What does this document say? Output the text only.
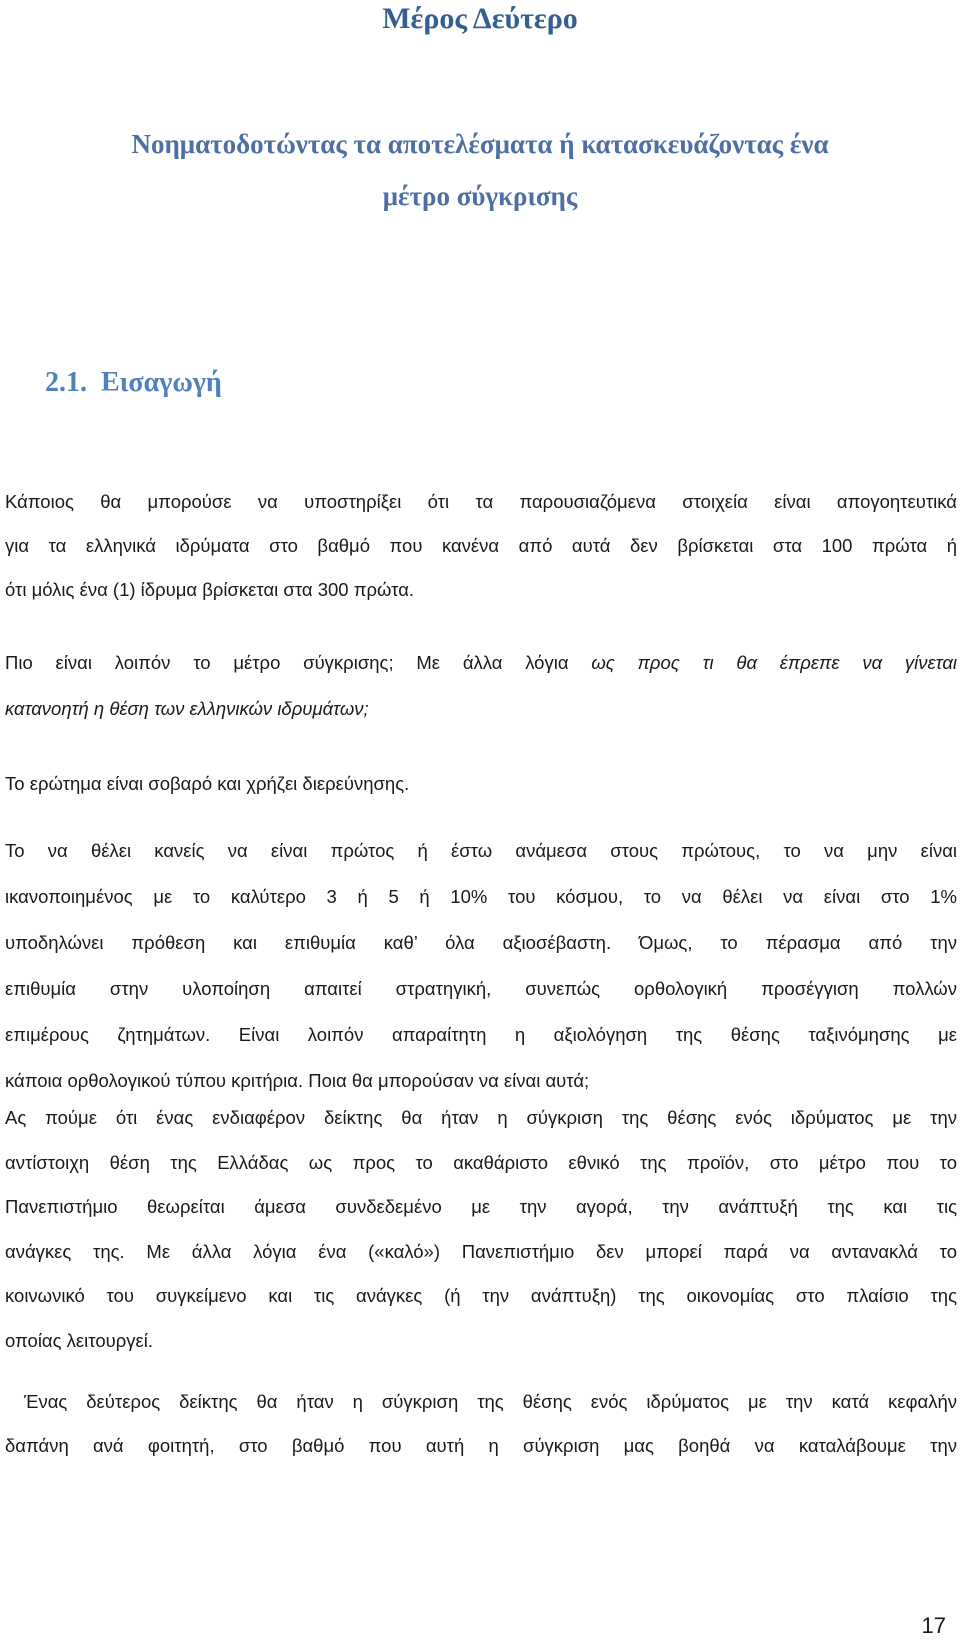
Μέρος Δεύτερο
Νοηματοδοτώντας τα αποτελέσματα ή κατασκευάζοντας ένα
μέτρο σύγκρισης
2.1.  Εισαγωγή

Κάποιος θα μπορούσε να υποστηρίξει ότι τα παρουσιαζόμενα στοιχεία είναι απογοητευτικά
για τα ελληνικά ιδρύματα στο βαθμό που κανένα από αυτά δεν βρίσκεται στα 100 πρώτα ή
ότι μόλις ένα (1) ίδρυμα βρίσκεται στα 300 πρώτα.

Πιο είναι λοιπόν το μέτρο σύγκρισης; Με άλλα λόγια ως προς τι θα έπρεπε να γίνεται
κατανοητή η θέση των ελληνικών ιδρυμάτων;

Το ερώτημα είναι σοβαρό και χρήζει διερεύνησης.

Το να θέλει κανείς να είναι πρώτος ή έστω ανάμεσα στους πρώτους, το να μην είναι
ικανοποιημένος με το καλύτερο 3 ή 5 ή 10% του κόσμου, το να θέλει να είναι στο 1%
υποδηλώνει πρόθεση και επιθυμία καθ’ όλα αξιοσέβαστη. Όμως, το πέρασμα από την
επιθυμία στην υλοποίηση απαιτεί στρατηγική, συνεπώς ορθολογική προσέγγιση πολλών
επιμέρους ζητημάτων. Είναι λοιπόν απαραίτητη η αξιολόγηση της θέσης ταξινόμησης με
κάποια ορθολογικού τύπου κριτήρια. Ποια θα μπορούσαν να είναι αυτά;

Ας πούμε ότι ένας ενδιαφέρον δείκτης θα ήταν η σύγκριση της θέσης ενός ιδρύματος με την
αντίστοιχη θέση της Ελλάδας ως προς το ακαθάριστο εθνικό της προϊόν, στο μέτρο που το
Πανεπιστήμιο θεωρείται άμεσα συνδεδεμένο με την αγορά, την ανάπτυξή της και τις
ανάγκες της. Με άλλα λόγια ένα («καλό») Πανεπιστήμιο δεν μπορεί παρά να αντανακλά το
κοινωνικό του συγκείμενο και τις ανάγκες (ή την ανάπτυξη) της οικονομίας στο πλαίσιο της
οποίας λειτουργεί.

Ένας δεύτερος δείκτης θα ήταν η σύγκριση της θέσης ενός ιδρύματος με την κατά κεφαλήν
δαπάνη ανά φοιτητή, στο βαθμό που αυτή η σύγκριση μας βοηθά να καταλάβουμε την

17
